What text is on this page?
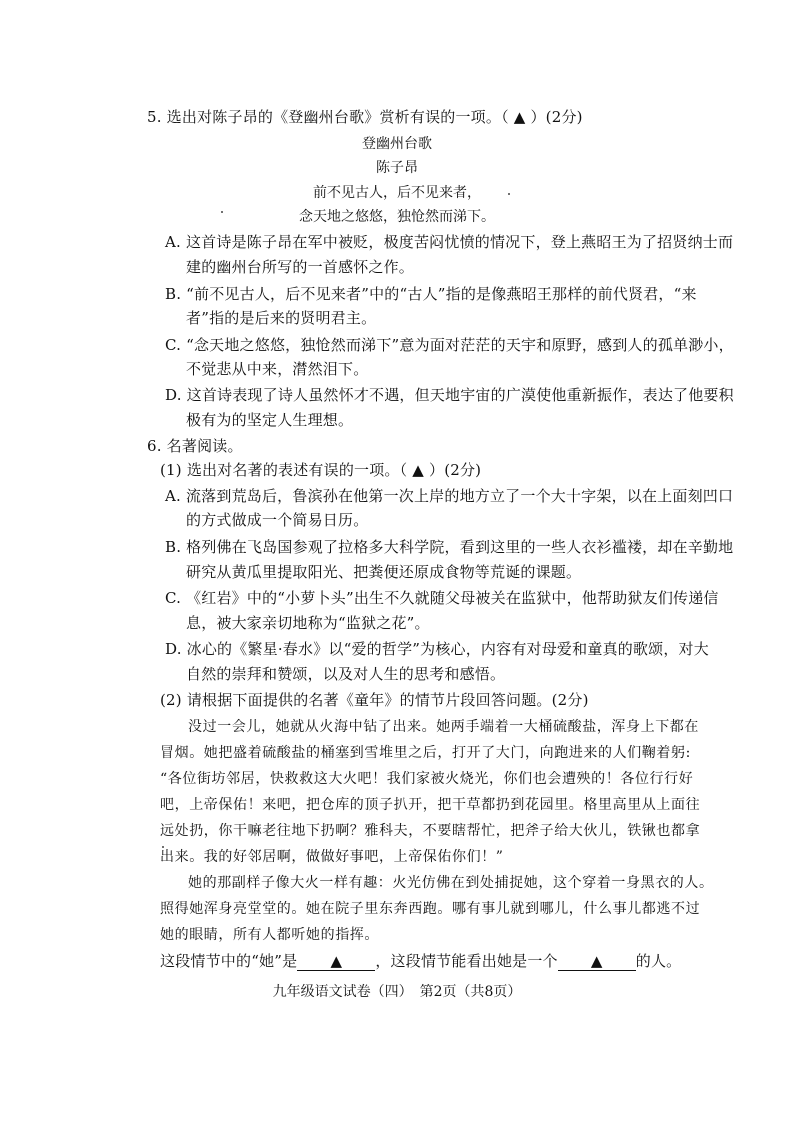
5. 选出对陈子昂的《登幽州台歌》赏析有误的一项。（ ▲ ）(2分)
登幽州台歌
陈子昂
前不见古人，后不见来者，
念天地之悠悠，独怆然而涕下。
A. 这首诗是陈子昂在军中被贬，极度苦闷忧愤的情况下，登上燕昭王为了招贤纳士而
建的幽州台所写的一首感怀之作。
B. “前不见古人，后不见来者”中的“古人”指的是像燕昭王那样的前代贤君，“来
者”指的是后来的贤明君主。
C. “念天地之悠悠，独怆然而涕下”意为面对茫茫的天宇和原野，感到人的孤单渺小，
不觉悲从中来，潸然泪下。
D. 这首诗表现了诗人虽然怀才不遇，但天地宇宙的广漠使他重新振作，表达了他要积
极有为的坚定人生理想。
6. 名著阅读。
(1) 选出对名著的表述有误的一项。（ ▲ ）(2分)
A. 流落到荒岛后，鲁滨孙在他第一次上岸的地方立了一个大十字架，以在上面刻凹口
的方式做成一个简易日历。
B. 格列佛在飞岛国参观了拉格多大科学院，看到这里的一些人衣衫褴褛，却在辛勤地
研究从黄瓜里提取阳光、把粪便还原成食物等荒诞的课题。
C. 《红岩》中的“小萝卜头”出生不久就随父母被关在监狱中，他帮助狱友们传递信
息，被大家亲切地称为“监狱之花”。
D. 冰心的《繁星·春水》以“爱的哲学”为核心，内容有对母爱和童真的歌颂，对大
自然的崇拜和赞颂，以及对人生的思考和感悟。
(2) 请根据下面提供的名著《童年》的情节片段回答问题。(2分)
没过一会儿，她就从火海中钻了出来。她两手端着一大桶硫酸盐，浑身上下都在
冒烟。她把盛着硫酸盐的桶塞到雪堆里之后，打开了大门，向跑进来的人们鞠着躬:
“各位街坊邻居，快救救这大火吧！我们家被火烧光，你们也会遭殃的！各位行行好
吧，上帝保佑！来吧，把仓库的顶子扒开，把干草都扔到花园里。格里高里从上面往
远处扔，你干嘛老往地下扔啊？雅科夫，不要瞎帮忙，把斧子给大伙儿，铁锹也都拿
出来。我的好邻居啊，做做好事吧，上帝保佑你们！”
她的那副样子像大火一样有趣：火光仿佛在到处捕捉她，这个穿着一身黑衣的人。
照得她浑身亮堂堂的。她在院子里东奔西跑。哪有事儿就到哪儿，什么事儿都逃不过
她的眼睛，所有人都听她的指挥。
这段情节中的“她”是 ▲ ，这段情节能看出她是一个 ▲ 的人。
九年级语文试卷（四）　第2页（共8页）
